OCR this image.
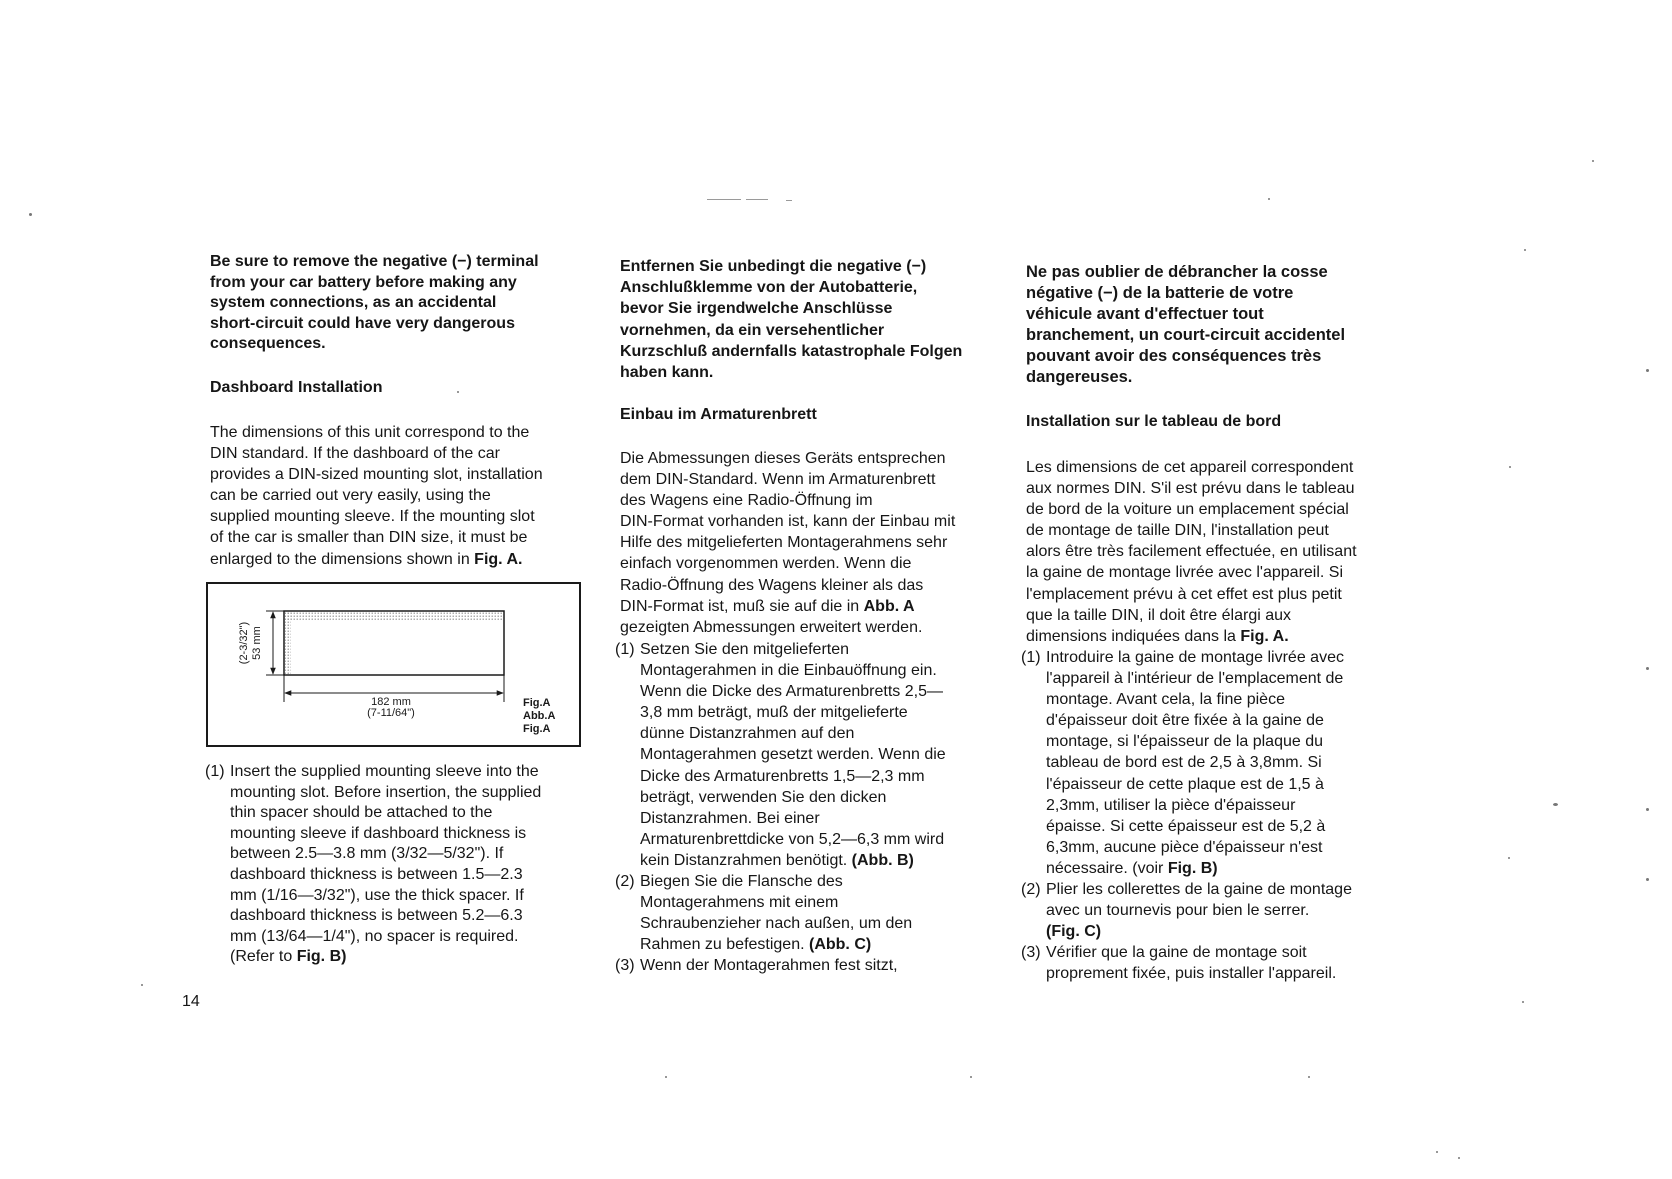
Be sure to remove the negative (−) terminal
from your car battery before making any
system connections, as an accidental
short-circuit could have very dangerous
consequences.
Dashboard Installation
The dimensions of this unit correspond to the
DIN standard. If the dashboard of the car
provides a DIN-sized mounting slot, installation
can be carried out very easily, using the
supplied mounting sleeve. If the mounting slot
of the car is smaller than DIN size, it must be
enlarged to the dimensions shown in Fig. A.
(1) Insert the supplied mounting sleeve into the
mounting slot. Before insertion, the supplied
thin spacer should be attached to the
mounting sleeve if dashboard thickness is
between 2.5—3.8 mm (3/32—5/32"). If
dashboard thickness is between 1.5—2.3
mm (1/16—3/32"), use the thick spacer. If
dashboard thickness is between 5.2—6.3
mm (13/64—1/4"), no spacer is required.
(Refer to Fig. B)
Entfernen Sie unbedingt die negative (−)
Anschlußklemme von der Autobatterie,
bevor Sie irgendwelche Anschlüsse
vornehmen, da ein versehentlicher
Kurzschluß andernfalls katastrophale Folgen
haben kann.
Einbau im Armaturenbrett
Die Abmessungen dieses Geräts entsprechen
dem DIN-Standard. Wenn im Armaturenbrett
des Wagens eine Radio-Öffnung im
DIN-Format vorhanden ist, kann der Einbau mit
Hilfe des mitgelieferten Montagerahmens sehr
einfach vorgenommen werden. Wenn die
Radio-Öffnung des Wagens kleiner als das
DIN-Format ist, muß sie auf die in Abb. A
gezeigten Abmessungen erweitert werden.
(1) Setzen Sie den mitgelieferten
Montagerahmen in die Einbauöffnung ein.
Wenn die Dicke des Armaturenbretts 2,5—
3,8 mm beträgt, muß der mitgelieferte
dünne Distanzrahmen auf den
Montagerahmen gesetzt werden. Wenn die
Dicke des Armaturenbretts 1,5—2,3 mm
beträgt, verwenden Sie den dicken
Distanzrahmen. Bei einer
Armaturenbrettdicke von 5,2—6,3 mm wird
kein Distanzrahmen benötigt. (Abb. B)
(2) Biegen Sie die Flansche des
Montagerahmens mit einem
Schraubenzieher nach außen, um den
Rahmen zu befestigen. (Abb. C)
(3) Wenn der Montagerahmen fest sitzt,
Ne pas oublier de débrancher la cosse
négative (−) de la batterie de votre
véhicule avant d'effectuer tout
branchement, un court-circuit accidentel
pouvant avoir des conséquences très
dangereuses.
Installation sur le tableau de bord
Les dimensions de cet appareil correspondent
aux normes DIN. S'il est prévu dans le tableau
de bord de la voiture un emplacement spécial
de montage de taille DIN, l'installation peut
alors être très facilement effectuée, en utilisant
la gaine de montage livrée avec l'appareil. Si
l'emplacement prévu à cet effet est plus petit
que la taille DIN, il doit être élargi aux
dimensions indiquées dans la Fig. A.
(1) Introduire la gaine de montage livrée avec
l'appareil à l'intérieur de l'emplacement de
montage. Avant cela, la fine pièce
d'épaisseur doit être fixée à la gaine de
montage, si l'épaisseur de la plaque du
tableau de bord est de 2,5 à 3,8mm. Si
l'épaisseur de cette plaque est de 1,5 à
2,3mm, utiliser la pièce d'épaisseur
épaisse. Si cette épaisseur est de 5,2 à
6,3mm, aucune pièce d'épaisseur n'est
nécessaire. (voir Fig. B)
(2) Plier les collerettes de la gaine de montage
avec un tournevis pour bien le serrer.
(Fig. C)
(3) Vérifier que la gaine de montage soit
proprement fixée, puis installer l'appareil.
(2-3/32") 53 mm
182 mm
(7-11/64")
Fig.A
Abb.A
Fig.A
14
